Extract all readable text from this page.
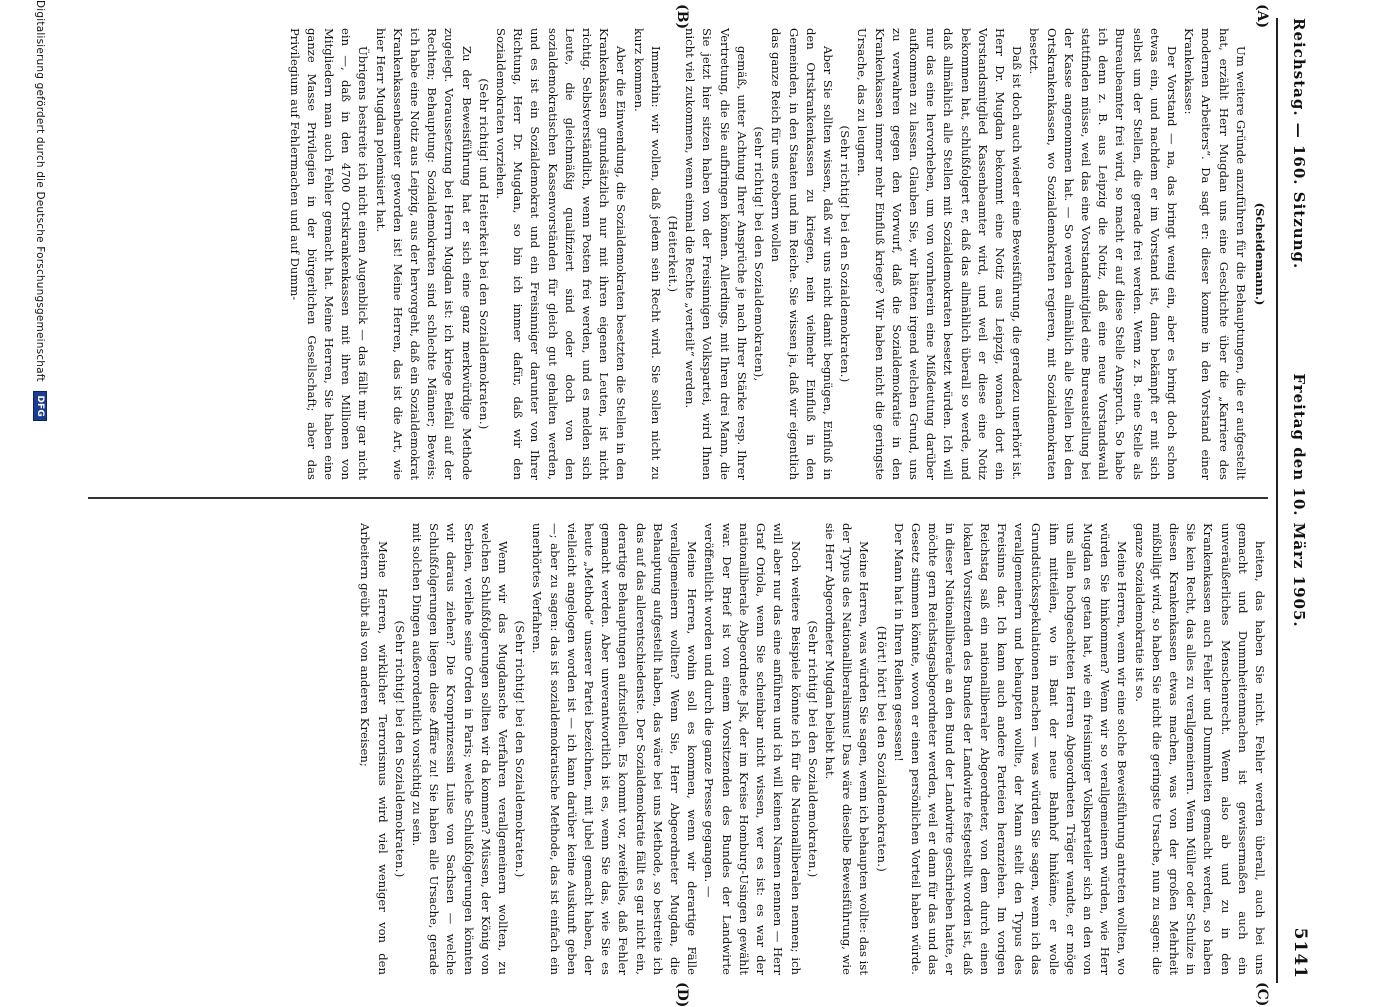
Reichstag. — 160. Sitzung.
Freitag den 10. März 1905.
5141
(A)
(B)
(C)
(D)
(Scheidemann.)

Um weitere Gründe anzuführen für die Behauptungen, die er aufgestellt hat, erzählt Herr Mugdan uns eine Geschichte über die „Karriere des modernen Arbeiters“. Da sagt er: dieser komme in den Vorstand einer Krankenkasse:

Der Vorstand — na, das bringt wenig ein, aber es bringt doch schon etwas ein, und nachdem er im Vorstand ist, dann bekämpft er mit sich selbst um der Stellen, die gerade frei werden. Wenn z. B. eine Stelle als Bureaubeamter frei wird, so macht er auf diese Stelle Anspruch. So habe ich denn z. B. aus Leipzig die Notiz, daß eine neue Vorstandswahl stattfinden müsse, weil das eine Vorstandsmitglied eine Bureaustellung bei der Kasse angenommen hat. — So werden allmählich alle Stellen bei den Ortskrankenkassen, wo Sozialdemokraten regieren, mit Sozialdemokraten besetzt.

Daß ist doch auch wieder eine Beweisführung, die geradezu unerhört ist. Herr Dr. Mugdan bekommt eine Notiz aus Leipzig, wonach dort ein Vorstandsmitglied Kassenbeamter wird, und weil er diese eine Notiz bekommen hat, schlußfolgert er, daß das allmählich überall so werde, und daß allmählich alle Stellen mit Sozialdemokraten besetzt würden. Ich will nur das eine hervorheben, um von vornherein eine Mißdeutung darüber aufkommen zu lassen. Glauben Sie, wir hätten irgend welchen Grund, uns zu verwahren gegen den Vorwurf, daß die Sozialdemokratie in den Krankenkassen immer mehr Einfluß kriege? Wir haben nicht die geringste Ursache, das zu leugnen.

(Sehr richtig! bei den Sozialdemokraten.)

Aber Sie sollten wissen, daß wir uns nicht damit begnügen, Einfluß in den Ortskrankenkassen zu kriegen, nein vielmehr Einfluß in den Gemeinden, in den Staaten und im Reiche. Sie wissen ja, daß wir eigentlich das ganze Reich für uns erobern wollen

(sehr richtig! bei den Sozialdemokraten),

gemäß, unter Achtung Ihrer Ansprüche je nach Ihrer Stärke resp. Ihrer Vertretung, die Sie aufbringen können. Allerdings, mit Ihren drei Mann, die Sie jetzt hier sitzen haben von der Freisinnigen Volkspartei, wird Ihnen nicht viel zukommen, wenn einmal die Rechte „verteilt“ werden.

(Heiterkeit.)

Immerhin: wir wollen, daß jedem sein Recht wird. Sie sollen nicht zu kurz kommen.

Aber die Einwendung, die Sozialdemokraten besetzten die Stellen in den Krankenkassen grundsätzlich nur mit ihren eigenen Leuten, ist nicht richtig. Selbstverständlich, wenn Posten frei werden, und es melden sich Leute, die gleichmäßig qualifiziert sind oder doch von den sozialdemokratischen Kassenvorständen für gleich gut gehalten werden, und es ist ein Sozialdemokrat und ein Freisinniger darunter von Ihrer Richtung, Herr Dr. Mugdan, so bin ich immer dafür, daß wir den Sozialdemokraten vorziehen.

(Sehr richtig! und Heiterkeit bei den Sozialdemokraten.)

Zu der Beweisführung hat er sich eine ganz merkwürdige Methode zugelegt. Voraussetzung bei Herrn Mugdan ist: ich kriege Beifall auf der Rechten; Behauptung: Sozialdemokraten sind schlechte Männer; Beweis: ich habe eine Notiz aus Leipzig, aus der hervorgeht, daß ein Sozialdemokrat Krankenkassenbeamter geworden ist! Meine Herren, das ist die Art, wie hier Herr Mugdan polemisiert hat.

Übrigens bestreite ich nicht einen Augenblick — das fällt mir gar nicht ein —, daß in den 4700 Ortskrankenkassen mit ihren Millionen von Mitgliedern man auch Fehler gemacht hat. Meine Herren, Sie haben eine ganze Masse Privilegien in der bürgerlichen Gesellschaft; aber das Privilegium auf Fehlermachen und auf Dumm-

heiten, das haben Sie nicht. Fehler werden überall, auch bei uns gemacht und Dummheitenmachen ist gewissermaßen auch ein unveräußerliches Menschenrecht. Wenn also ab und zu in den Krankenkassen auch Fehler und Dummheiten gemacht werden, so haben Sie kein Recht, das alles zu verallgemeinern. Wenn Müller oder Schulze in diesen Krankenkassen etwas machen, was von der großen Mehrheit mißbilligt wird, so haben Sie nicht die geringste Ursache, nun zu sagen: die ganze Sozialdemokratie ist so.

Meine Herren, wenn wir eine solche Beweisführung antreten wollten, wo würden Sie hinkommen? Wenn wir so verallgemeinern würden, wie Herr Mugdan es getan hat, wie ein freisinniger Volksparteiler sich an den von uns allen hochgeachteten Herren Abgeordneten Träger wandte, er möge ihm mitteilen, wo in Bant der neue Bahnhof hinkäme, er wolle Grundstücksspekulationen machen — was würden Sie sagen, wenn ich das verallgemeinern und behaupten wollte, der Mann stellt den Typus des Freisinns dar. Ich kann auch andere Parteien heranziehen. Im vorigen Reichstag saß ein nationalliberaler Abgeordneter, von dem durch einen lokalen Vorsitzenden des Bundes der Landwirte festgestellt worden ist, daß in dieser Nationalliberale an den Bund der Landwirte geschrieben hatte, er möchte gern Reichstagsabgeordneter werden, weil er dann für das und das Gesetz stimmen könnte, wovon er einen persönlichen Vorteil haben würde. Der Mann hat in Ihren Reihen gesessen!

(Hört! hört! bei den Sozialdemokraten.)

Meine Herren, was würden Sie sagen, wenn ich behaupten wollte: das ist der Typus des Nationalliberalismus! Das wäre dieselbe Beweisführung, wie sie Herr Abgeordneter Mugdan beliebt hat.

(Sehr richtig! bei den Sozialdemokraten.)

Noch weitere Beispiele könnte ich für die Nationalliberalen nennen; ich will aber nur das eine anführen und ich will keinen Namen nennen — Herr Graf Oriola, wenn Sie scheinbar nicht wissen, wer es ist: es war der nationalliberale Abgeordnete Jsk, der im Kreise Homburg-Usingen gewählt war. Der Brief ist von einem Vorsitzenden des Bundes der Landwirte veröffentlicht worden und durch die ganze Presse gegangen. —

Meine Herren, wohin soll es kommen, wenn wir derartige Fälle verallgemeinern wollten? Wenn Sie, Herr Abgeordneter Mugdan, die Behauptung aufgestellt haben, das wäre bei uns Methode, so bestreite ich das auf das allerentschiedenste. Der Sozialdemokratie fällt es gar nicht ein, derartige Behauptungen aufzustellen. Es kommt vor, zweifellos, daß Fehler gemacht werden. Aber unverantwortlich ist es, wenn Sie das, wie Sie es heute „Methode“ unserer Partei bezeichnen, mit Jubel gemacht haben, der vielleicht angelogen worden ist — ich kann darüber keine Auskunft geben —; aber zu sagen: das ist sozialdemokratische Methode, das ist einfach ein unerhörtes Verfahren.

(Sehr richtig! bei den Sozialdemokraten.)

Wenn wir das Mugdansche Verfahren verallgemeinern wollten, zu welchen Schlußfolgerungen sollten wir da kommen? Müssen, der König von Serbien, verliehe seine Orden in Paris; welche Schlußfolgerungen könnten wir daraus ziehen? Die Kronprinzessin Luise von Sachsen — welche Schlußfolgerungen liegen diese Affäre zu! Sie haben alle Ursache, gerade mit solchen Dingen außerordentlich vorsichtig zu sein.

(Sehr richtig! bei den Sozialdemokraten.)

Meine Herren, wirklicher Terrorismus wird viel weniger von den Arbeitern geübt als von anderen Kreisen;

Digitalisierung gefördert durch die Deutsche Forschungsgemeinschaft DFG
